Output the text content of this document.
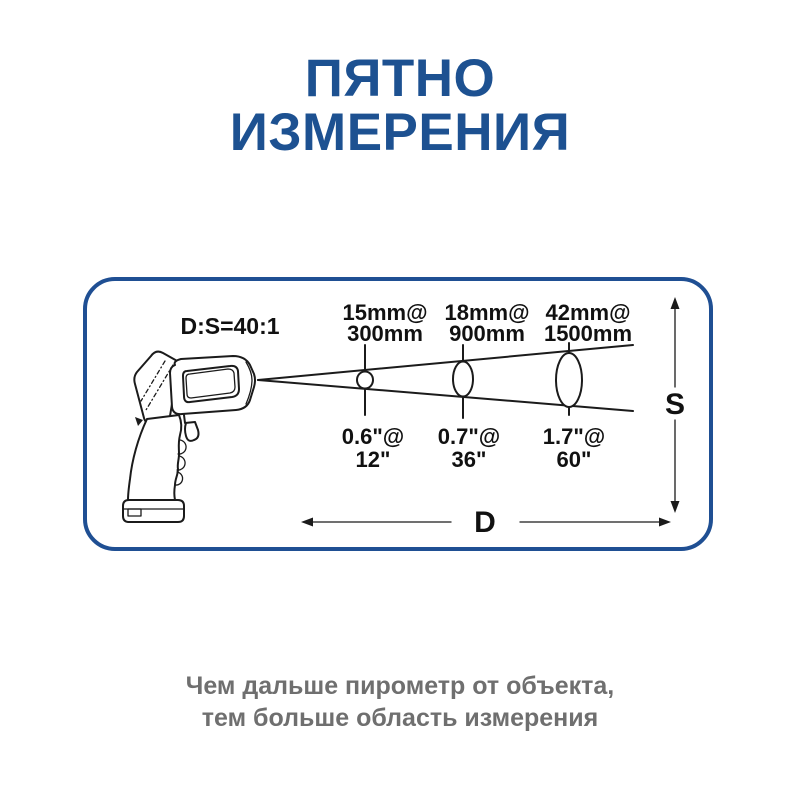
ПЯТНО
ИЗМЕРЕНИЯ
15mm@
300mm
0.6"@
12"
18mm@
900mm
0.7"@
36"
42mm@
1500mm
1.7"@
60"
D:S=40:1
S
D
Чем дальше пирометр от объекта,
тем больше область измерения
